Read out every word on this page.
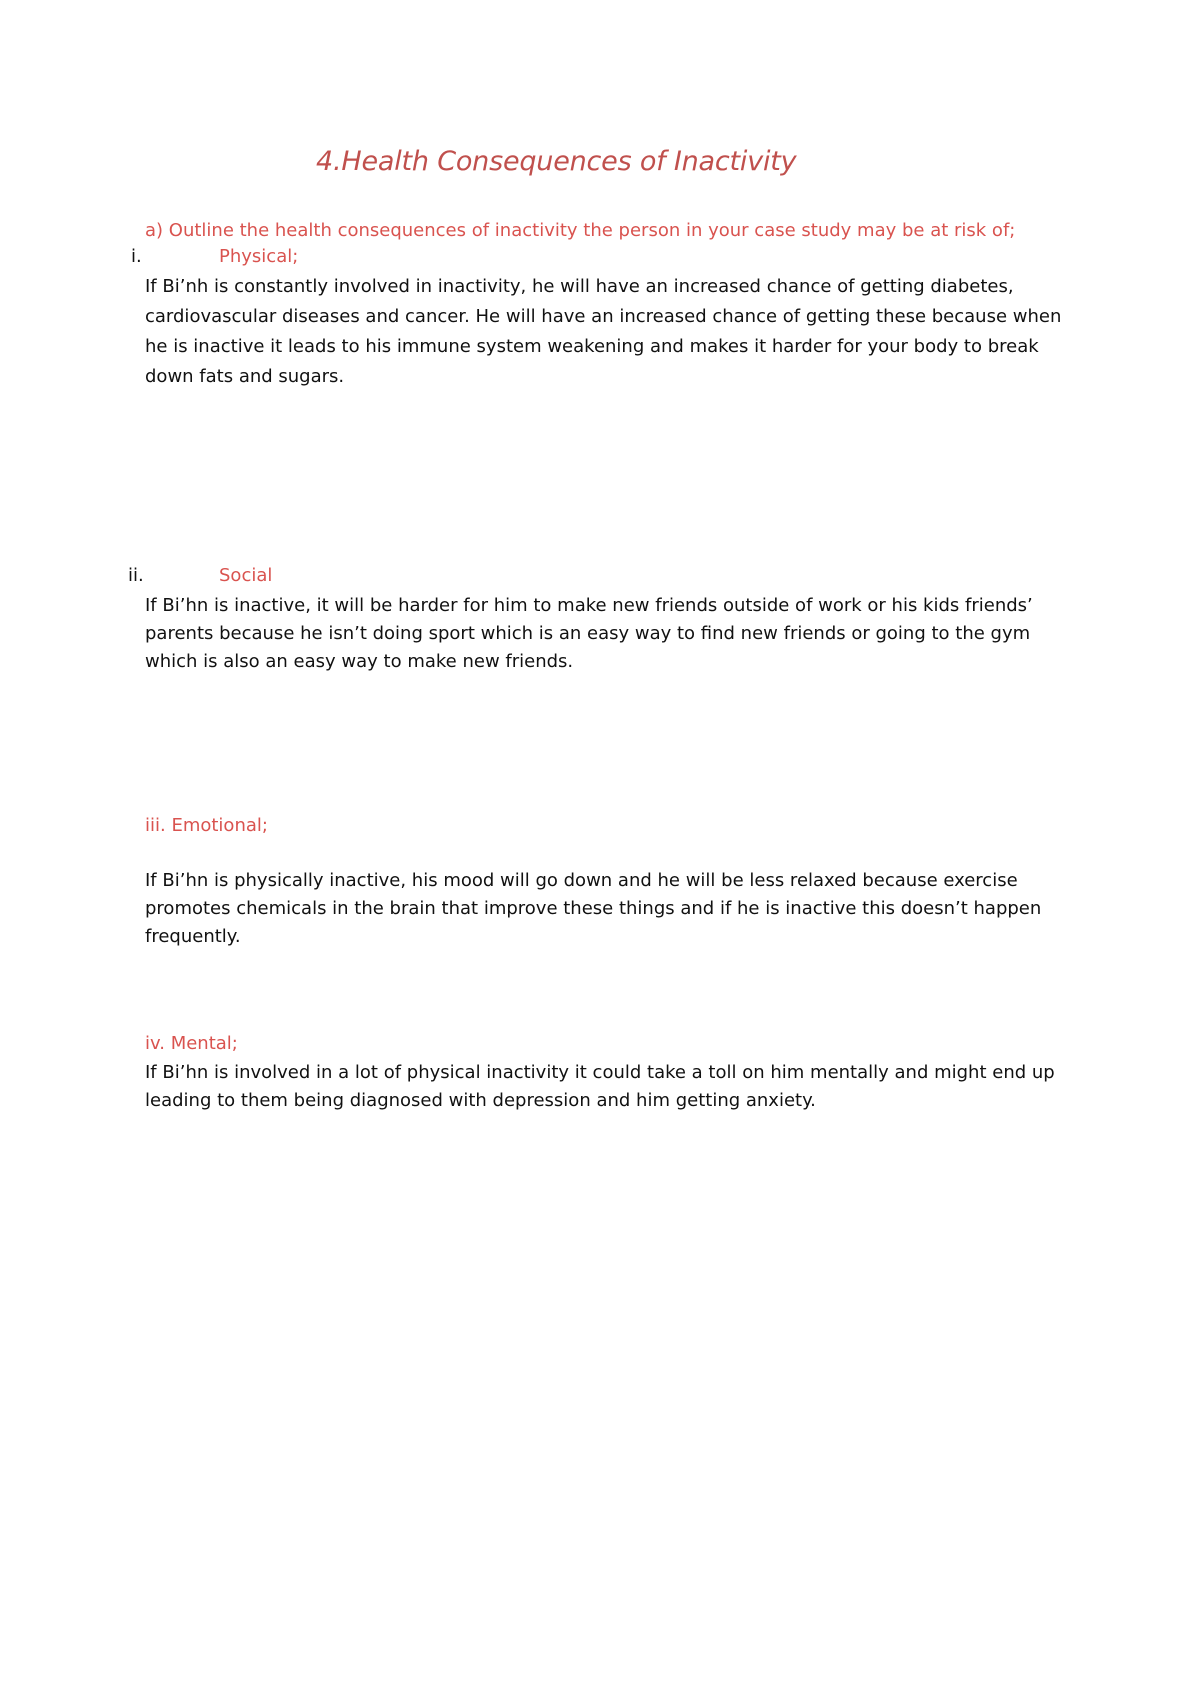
4.Health Consequences of Inactivity
a) Outline the health consequences of inactivity the person in your case study may be at risk of;
i.	Physical;

If Bi’nh is constantly involved in inactivity, he will have an increased chance of getting diabetes, cardiovascular diseases and cancer. He will have an increased chance of getting these because when he is inactive it leads to his immune system weakening and makes it harder for your body to break down fats and sugars.

ii.	Social

If Bi’hn is inactive, it will be harder for him to make new friends outside of work or his kids friends’ parents because he isn’t doing sport which is an easy way to find new friends or going to the gym which is also an easy way to make new friends.

iii. Emotional;

If Bi’hn is physically inactive, his mood will go down and he will be less relaxed because exercise promotes chemicals in the brain that improve these things and if he is inactive this doesn’t happen frequently.

iv. Mental;

If Bi’hn is involved in a lot of physical inactivity it could take a toll on him mentally and might end up leading to them being diagnosed with depression and him getting anxiety.
